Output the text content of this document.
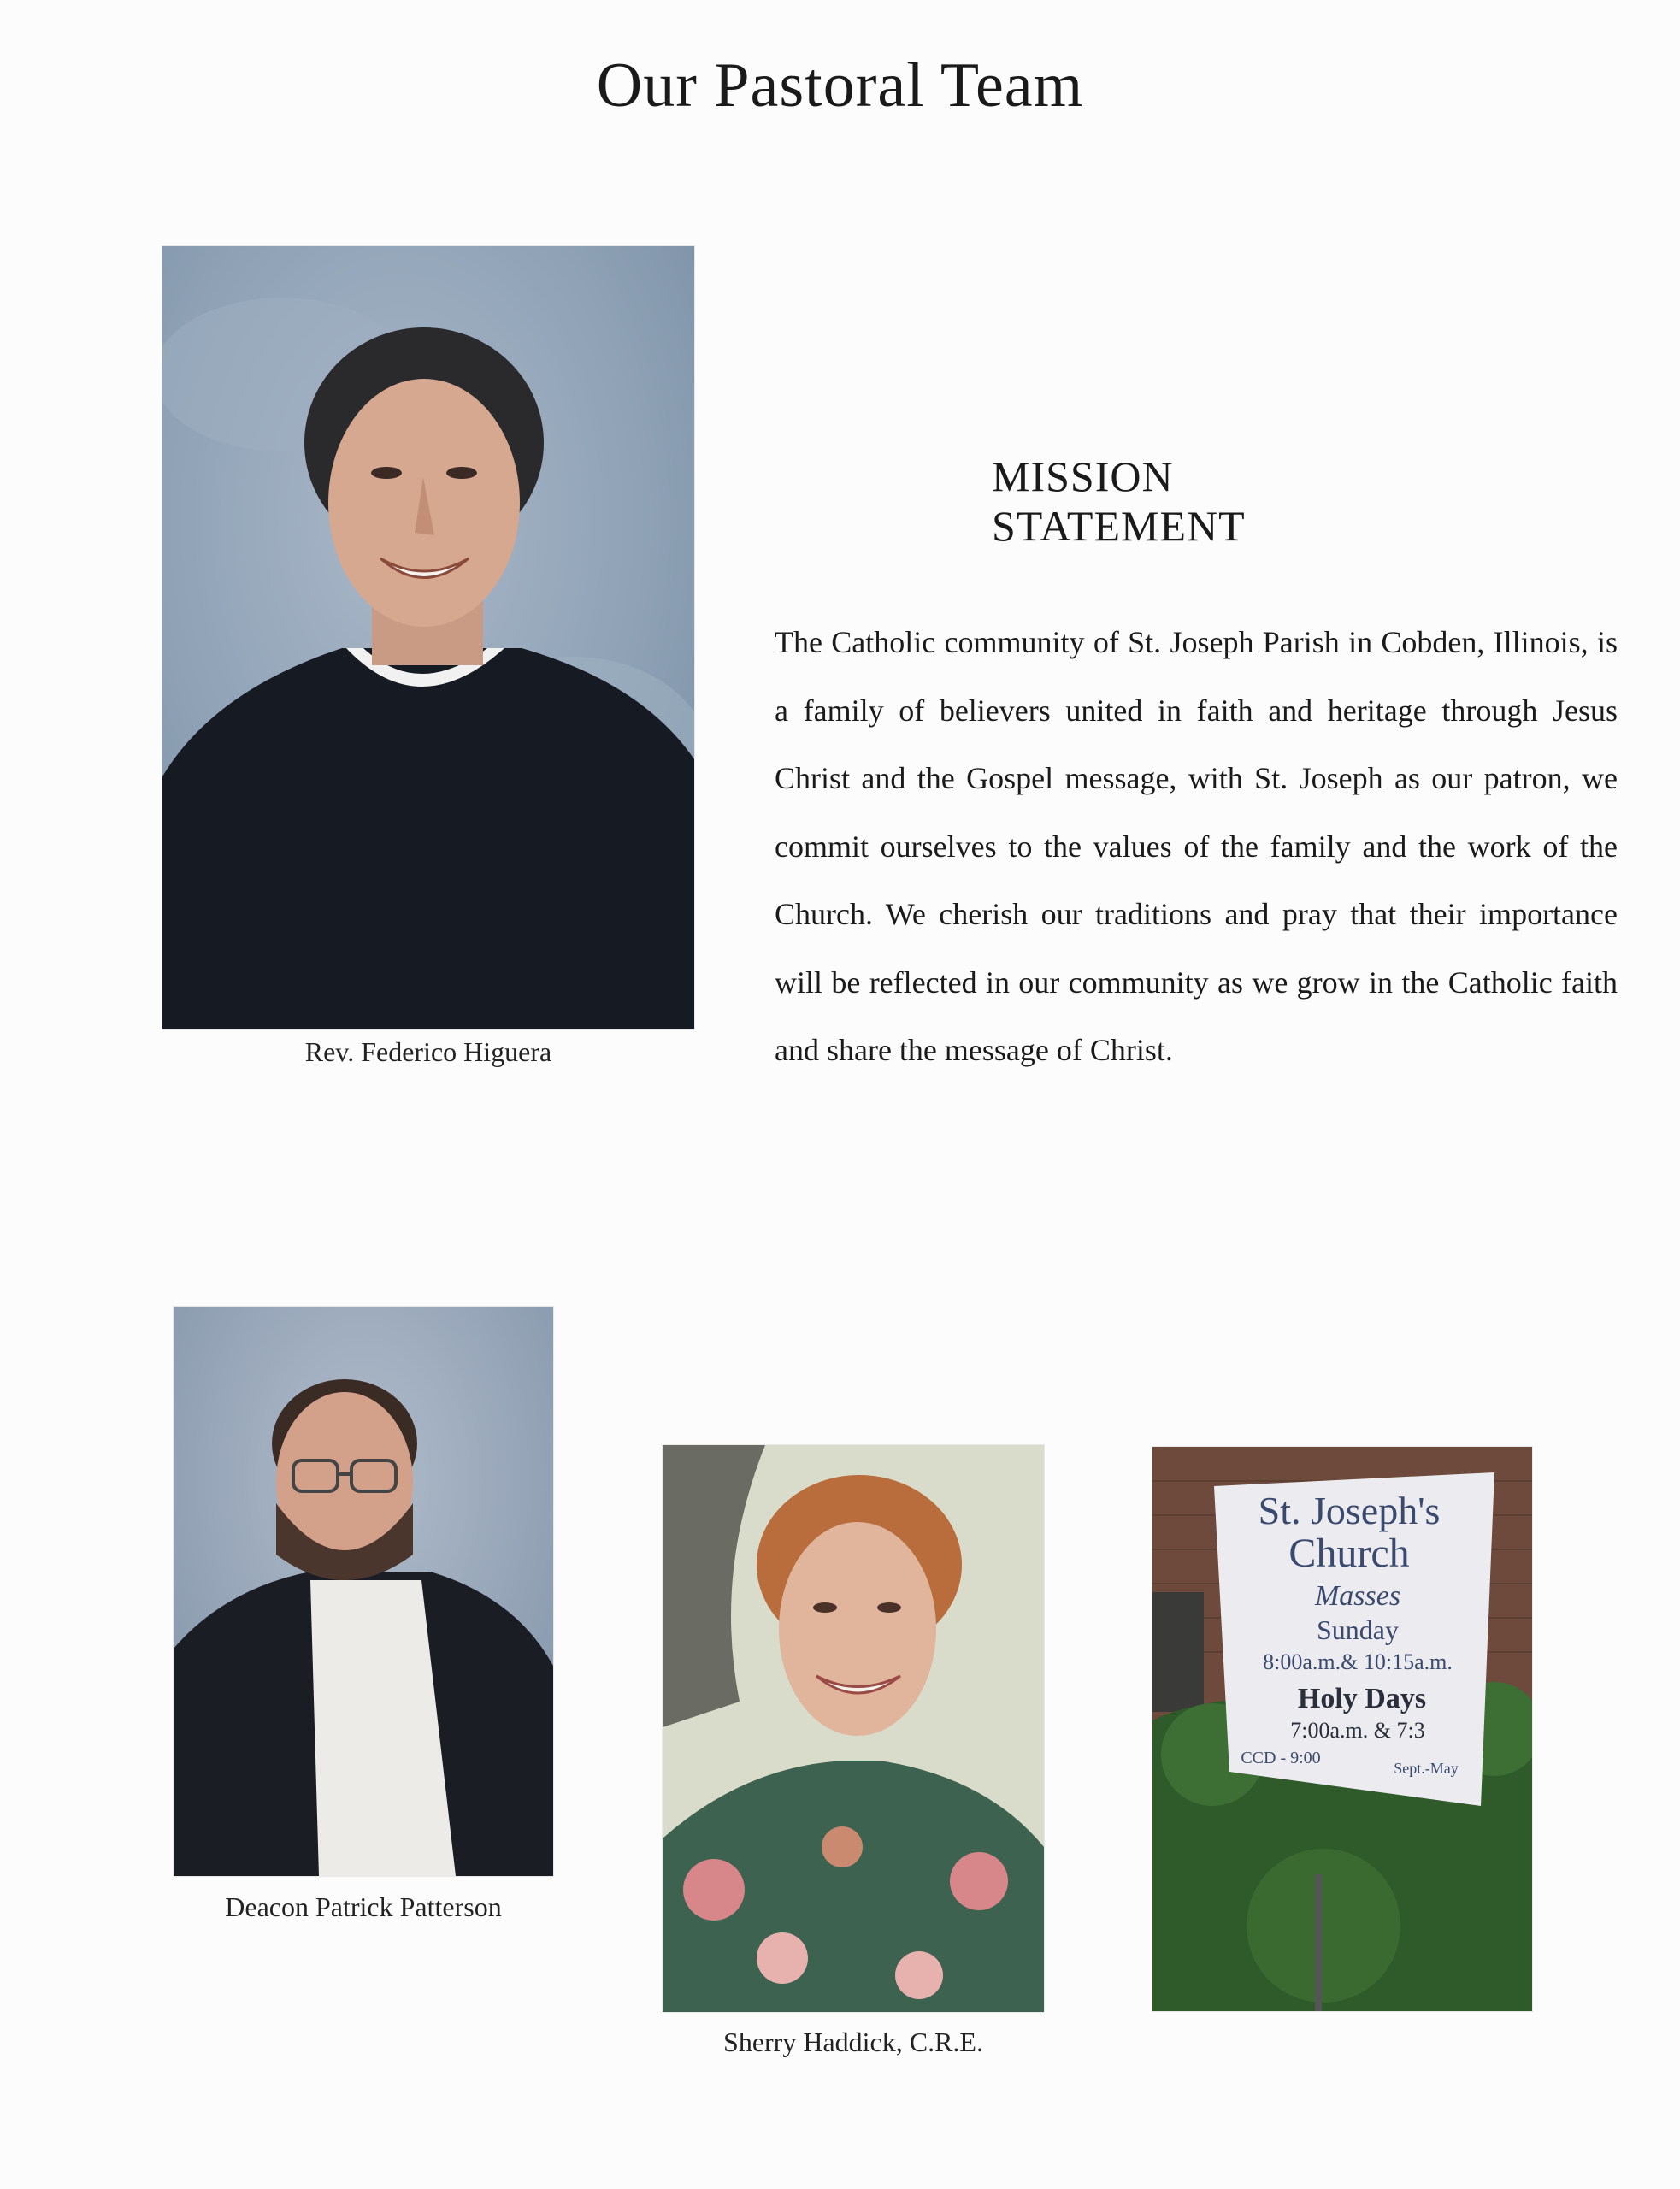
Our Pastoral Team
Rev. Federico Higuera
MISSION STATEMENT
The Catholic community of St. Joseph Parish in Cobden, Illinois, is a family of believers united in faith and heritage through Jesus Christ and the Gospel message, with St. Joseph as our patron, we commit ourselves to the values of the family and the work of the Church. We cherish our traditions and pray that their importance will be reflected in our community as we grow in the Catholic faith and share the message of Christ.
Deacon Patrick Patterson
Sherry Haddick, C.R.E.
St. Joseph's
Church
Masses
Sunday
8:00a.m.& 10:15a.m.
Holy Days
7:00a.m. & 7:3
CCD - 9:00
Sept.-May
